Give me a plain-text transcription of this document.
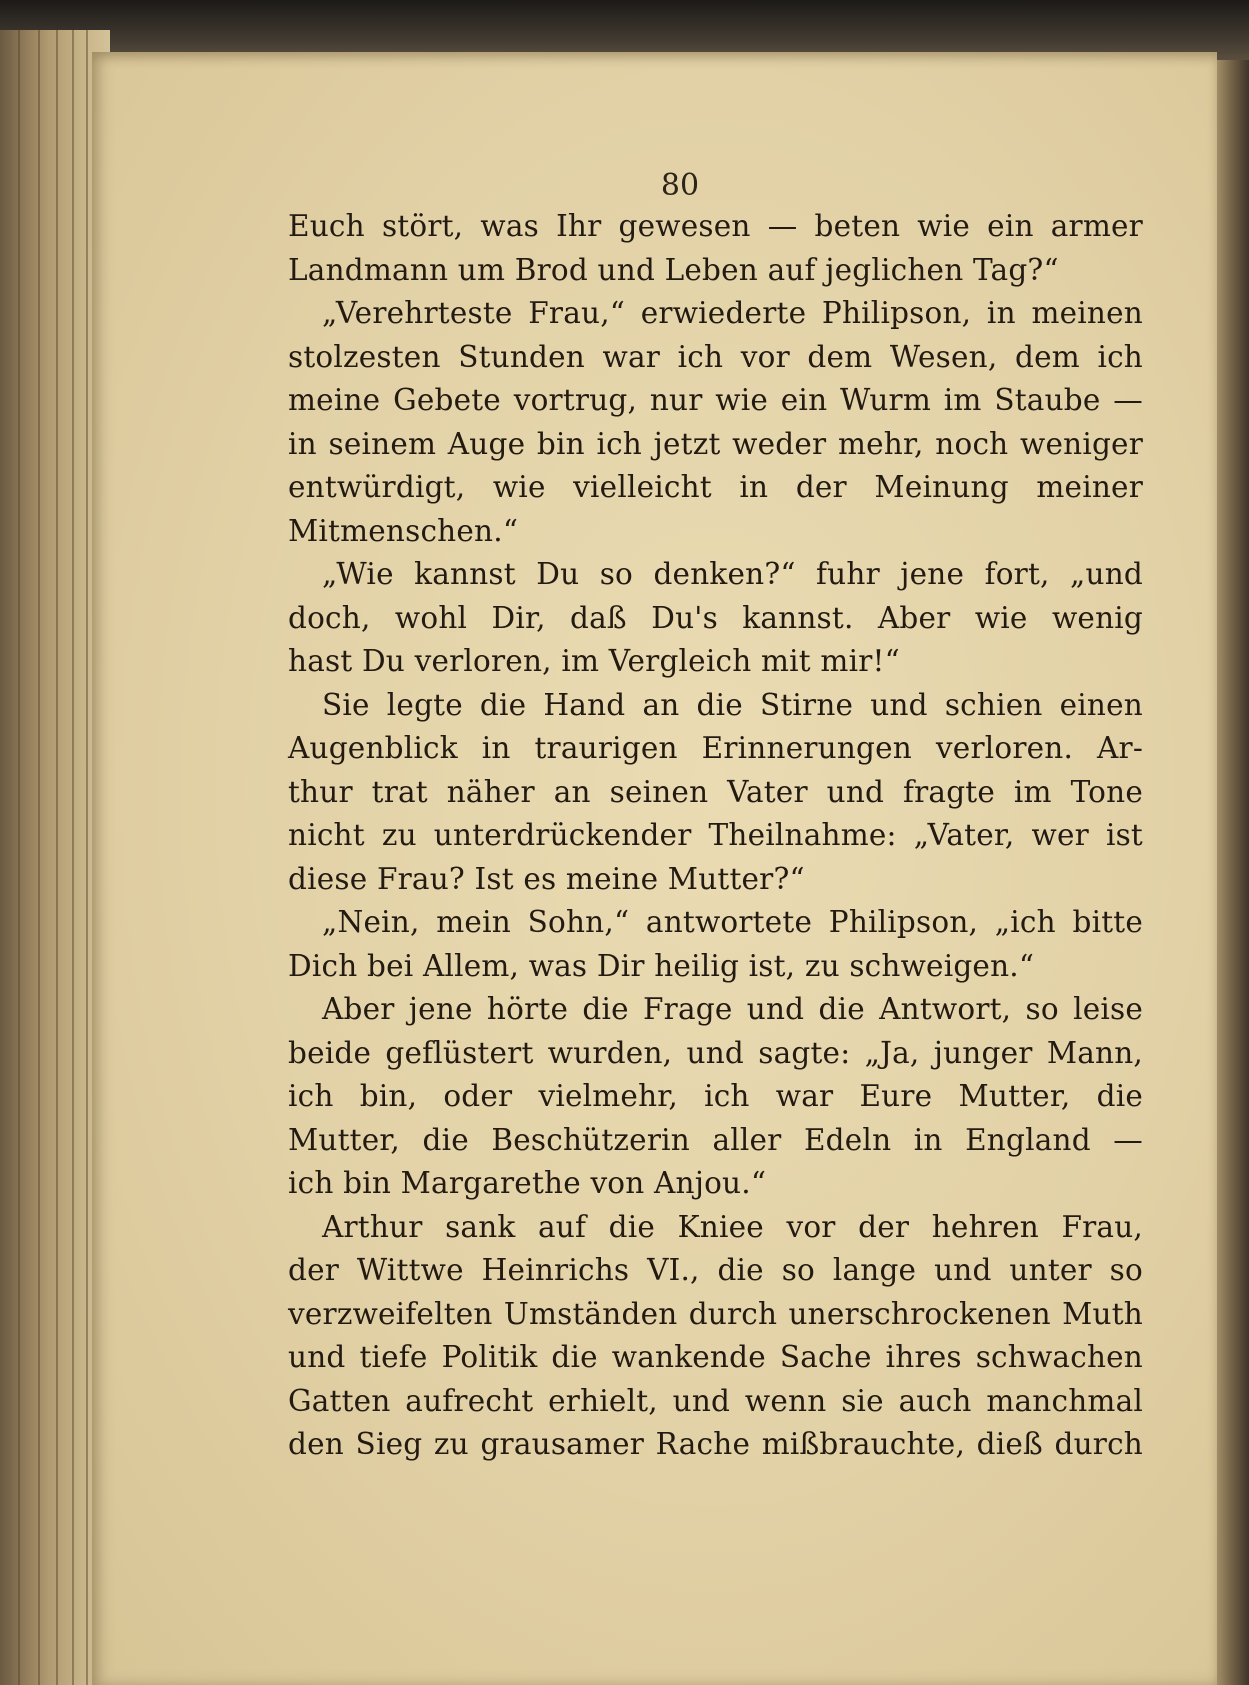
80

Euch stört, was Ihr gewesen — beten wie ein armer
Landmann um Brod und Leben auf jeglichen Tag?“
„Verehrteste Frau,“ erwiederte Philipson, in meinen
stolzesten Stunden war ich vor dem Wesen, dem ich
meine Gebete vortrug, nur wie ein Wurm im Staube —
in seinem Auge bin ich jetzt weder mehr, noch weniger
entwürdigt, wie vielleicht in der Meinung meiner
Mitmenschen.“
„Wie kannst Du so denken?“ fuhr jene fort, „und
doch, wohl Dir, daß Du's kannst. Aber wie wenig
hast Du verloren, im Vergleich mit mir!“
Sie legte die Hand an die Stirne und schien einen
Augenblick in traurigen Erinnerungen verloren. Ar-
thur trat näher an seinen Vater und fragte im Tone
nicht zu unterdrückender Theilnahme: „Vater, wer ist
diese Frau? Ist es meine Mutter?“
„Nein, mein Sohn,“ antwortete Philipson, „ich bitte
Dich bei Allem, was Dir heilig ist, zu schweigen.“
Aber jene hörte die Frage und die Antwort, so leise
beide geflüstert wurden, und sagte: „Ja, junger Mann,
ich bin, oder vielmehr, ich war Eure Mutter, die
Mutter, die Beschützerin aller Edeln in England —
ich bin Margarethe von Anjou.“
Arthur sank auf die Kniee vor der hehren Frau,
der Wittwe Heinrichs VI., die so lange und unter so
verzweifelten Umständen durch unerschrockenen Muth
und tiefe Politik die wankende Sache ihres schwachen
Gatten aufrecht erhielt, und wenn sie auch manchmal
den Sieg zu grausamer Rache mißbrauchte, dieß durch
